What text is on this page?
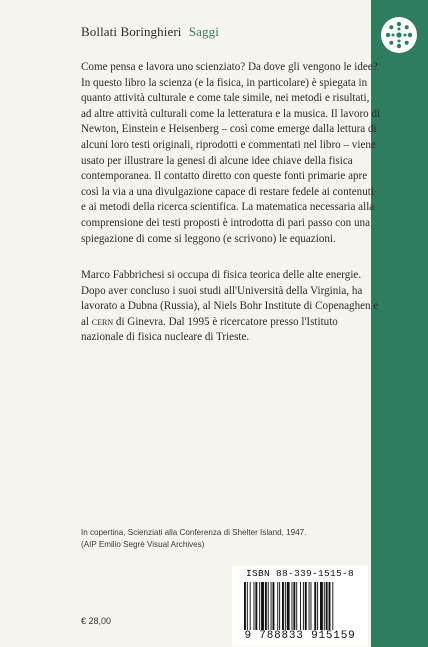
Bollati Boringhieri Saggi
Come pensa e lavora uno scienziato? Da dove gli vengono le idee? In questo libro la scienza (e la fisica, in particolare) è spiegata in quanto attività culturale e come tale simile, nei metodi e risultati, ad altre attività culturali come la letteratura e la musica. Il lavoro di Newton, Einstein e Heisenberg – così come emerge dalla lettura di alcuni loro testi originali, riprodotti e commentati nel libro – viene usato per illustrare la genesi di alcune idee chiave della fisica contemporanea. Il contatto diretto con queste fonti primarie apre così la via a una divulgazione capace di restare fedele ai contenuti e ai metodi della ricerca scientifica. La matematica necessaria alla comprensione dei testi proposti è introdotta di pari passo con una spiegazione di come si leggono (e scrivono) le equazioni.
Marco Fabbrichesi si occupa di fisica teorica delle alte energie. Dopo aver concluso i suoi studi all'Università della Virginia, ha lavorato a Dubna (Russia), al Niels Bohr Institute di Copenaghen e al cern di Ginevra. Dal 1995 è ricercatore presso l'Istituto nazionale di fisica nucleare di Trieste.
In copertina, Scienziati alla Conferenza di Shelter Island, 1947.
(AIP Emilio Segrè Visual Archives)
€ 28,00
ISBN 88-339-1515-8
9 788833 915159
